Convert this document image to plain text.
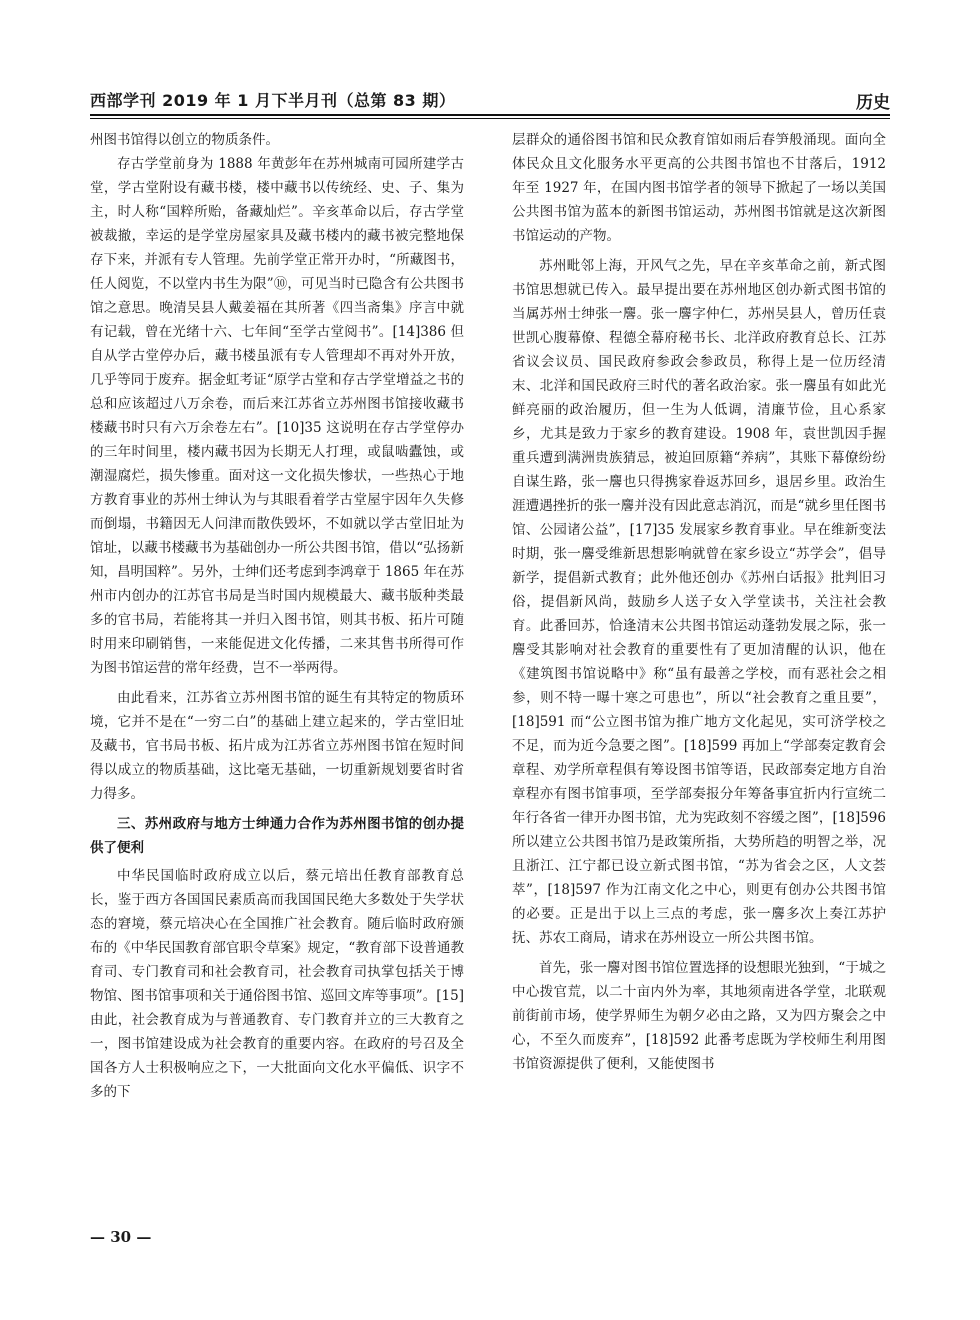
西部学刊 2019 年 1 月下半月刊（总第 83 期）	历史

州图书馆得以创立的物质条件。

存古学堂前身为 1888 年黄彭年在苏州城南可园所建学古堂，学古堂附设有藏书楼，楼中藏书以传统经、史、子、集为主，时人称“国粹所贻，备藏灿烂”。辛亥革命以后，存古学堂被裁撤，幸运的是学堂房屋家具及藏书楼内的藏书被完整地保存下来，并派有专人管理。先前学堂正常开办时，“所藏图书，任人阅览，不以堂内书生为限”⑩，可见当时已隐含有公共图书馆之意思。晚清吴县人戴姜福在其所著《四当斋集》序言中就有记载，曾在光绪十六、七年间“至学古堂阅书”。[14]386 但自从学古堂停办后，藏书楼虽派有专人管理却不再对外开放，几乎等同于废弃。据金虹考证“原学古堂和存古学堂增益之书的总和应该超过八万余卷，而后来江苏省立苏州图书馆接收藏书楼藏书时只有六万余卷左右”。[10]35 这说明在存古学堂停办的三年时间里，楼内藏书因为长期无人打理，或鼠啮蠹蚀，或潮湿腐烂，损失惨重。面对这一文化损失惨状，一些热心于地方教育事业的苏州士绅认为与其眼看着学古堂屋宇因年久失修而倒塌，书籍因无人问津而散佚毁坏，不如就以学古堂旧址为馆址，以藏书楼藏书为基础创办一所公共图书馆，借以“弘扬新知，昌明国粹”。另外，士绅们还考虑到李鸿章于 1865 年在苏州市内创办的江苏官书局是当时国内规模最大、藏书版种类最多的官书局，若能将其一并归入图书馆，则其书板、拓片可随时用来印刷销售，一来能促进文化传播，二来其售书所得可作为图书馆运营的常年经费，岂不一举两得。

由此看来，江苏省立苏州图书馆的诞生有其特定的物质环境，它并不是在“一穷二白”的基础上建立起来的，学古堂旧址及藏书，官书局书板、拓片成为江苏省立苏州图书馆在短时间得以成立的物质基础，这比毫无基础，一切重新规划要省时省力得多。

三、苏州政府与地方士绅通力合作为苏州图书馆的创办提供了便利

中华民国临时政府成立以后，蔡元培出任教育部教育总长，鉴于西方各国国民素质高而我国国民绝大多数处于失学状态的窘境，蔡元培决心在全国推广社会教育。随后临时政府颁布的《中华民国教育部官职令草案》规定，“教育部下设普通教育司、专门教育司和社会教育司，社会教育司执掌包括关于博物馆、图书馆事项和关于通俗图书馆、巡回文库等事项”。[15] 由此，社会教育成为与普通教育、专门教育并立的三大教育之一，图书馆建设成为社会教育的重要内容。在政府的号召及全国各方人士积极响应之下，一大批面向文化水平偏低、识字不多的下

层群众的通俗图书馆和民众教育馆如雨后春笋般涌现。面向全体民众且文化服务水平更高的公共图书馆也不甘落后，1912 年至 1927 年，在国内图书馆学者的领导下掀起了一场以美国公共图书馆为蓝本的新图书馆运动，苏州图书馆就是这次新图书馆运动的产物。

苏州毗邻上海，开风气之先，早在辛亥革命之前，新式图书馆思想就已传入。最早提出要在苏州地区创办新式图书馆的当属苏州士绅张一麐。张一麐字仲仁，苏州吴县人，曾历任袁世凯心腹幕僚、程德全幕府秘书长、北洋政府教育总长、江苏省议会议员、国民政府参政会参政员，称得上是一位历经清末、北洋和国民政府三时代的著名政治家。张一麐虽有如此光鲜亮丽的政治履历，但一生为人低调，清廉节俭，且心系家乡，尤其是致力于家乡的教育建设。1908 年，袁世凯因手握重兵遭到满洲贵族猜忌，被迫回原籍“养病”，其账下幕僚纷纷自谋生路，张一麐也只得携家眷返苏回乡，退居乡里。政治生涯遭遇挫折的张一麐并没有因此意志消沉，而是“就乡里任图书馆、公园诸公益”，[17]35 发展家乡教育事业。早在维新变法时期，张一麐受维新思想影响就曾在家乡设立“苏学会”，倡导新学，提倡新式教育；此外他还创办《苏州白话报》批判旧习俗，提倡新风尚，鼓励乡人送子女入学堂读书，关注社会教育。此番回苏，恰逢清末公共图书馆运动蓬勃发展之际，张一麐受其影响对社会教育的重要性有了更加清醒的认识，他在《建筑图书馆说略中》称“虽有最善之学校，而有恶社会之相参，则不特一曝十寒之可患也”，所以“社会教育之重且要”，[18]591 而“公立图书馆为推广地方文化起见，实可济学校之不足，而为近今急要之图”。[18]599 再加上“学部奏定教育会章程、劝学所章程俱有筹设图书馆等语，民政部奏定地方自治章程亦有图书馆事项，至学部奏报分年筹备事宜折内行宣统二年行各省一律开办图书馆，尤为宪政刻不容缓之图”，[18]596 所以建立公共图书馆乃是政策所指，大势所趋的明智之举，况且浙江、江宁都已设立新式图书馆，“苏为省会之区，人文荟萃”，[18]597 作为江南文化之中心，则更有创办公共图书馆的必要。正是出于以上三点的考虑，张一麐多次上奏江苏护抚、苏农工商局，请求在苏州设立一所公共图书馆。

首先，张一麐对图书馆位置选择的设想眼光独到，“于城之中心拨官荒，以二十亩内外为率，其地须南进各学堂，北联观前街前市场，使学界师生为朝夕必由之路，又为四方聚会之中心，不至久而废弃”，[18]592 此番考虑既为学校师生利用图书馆资源提供了便利，又能使图书

— 30 —
